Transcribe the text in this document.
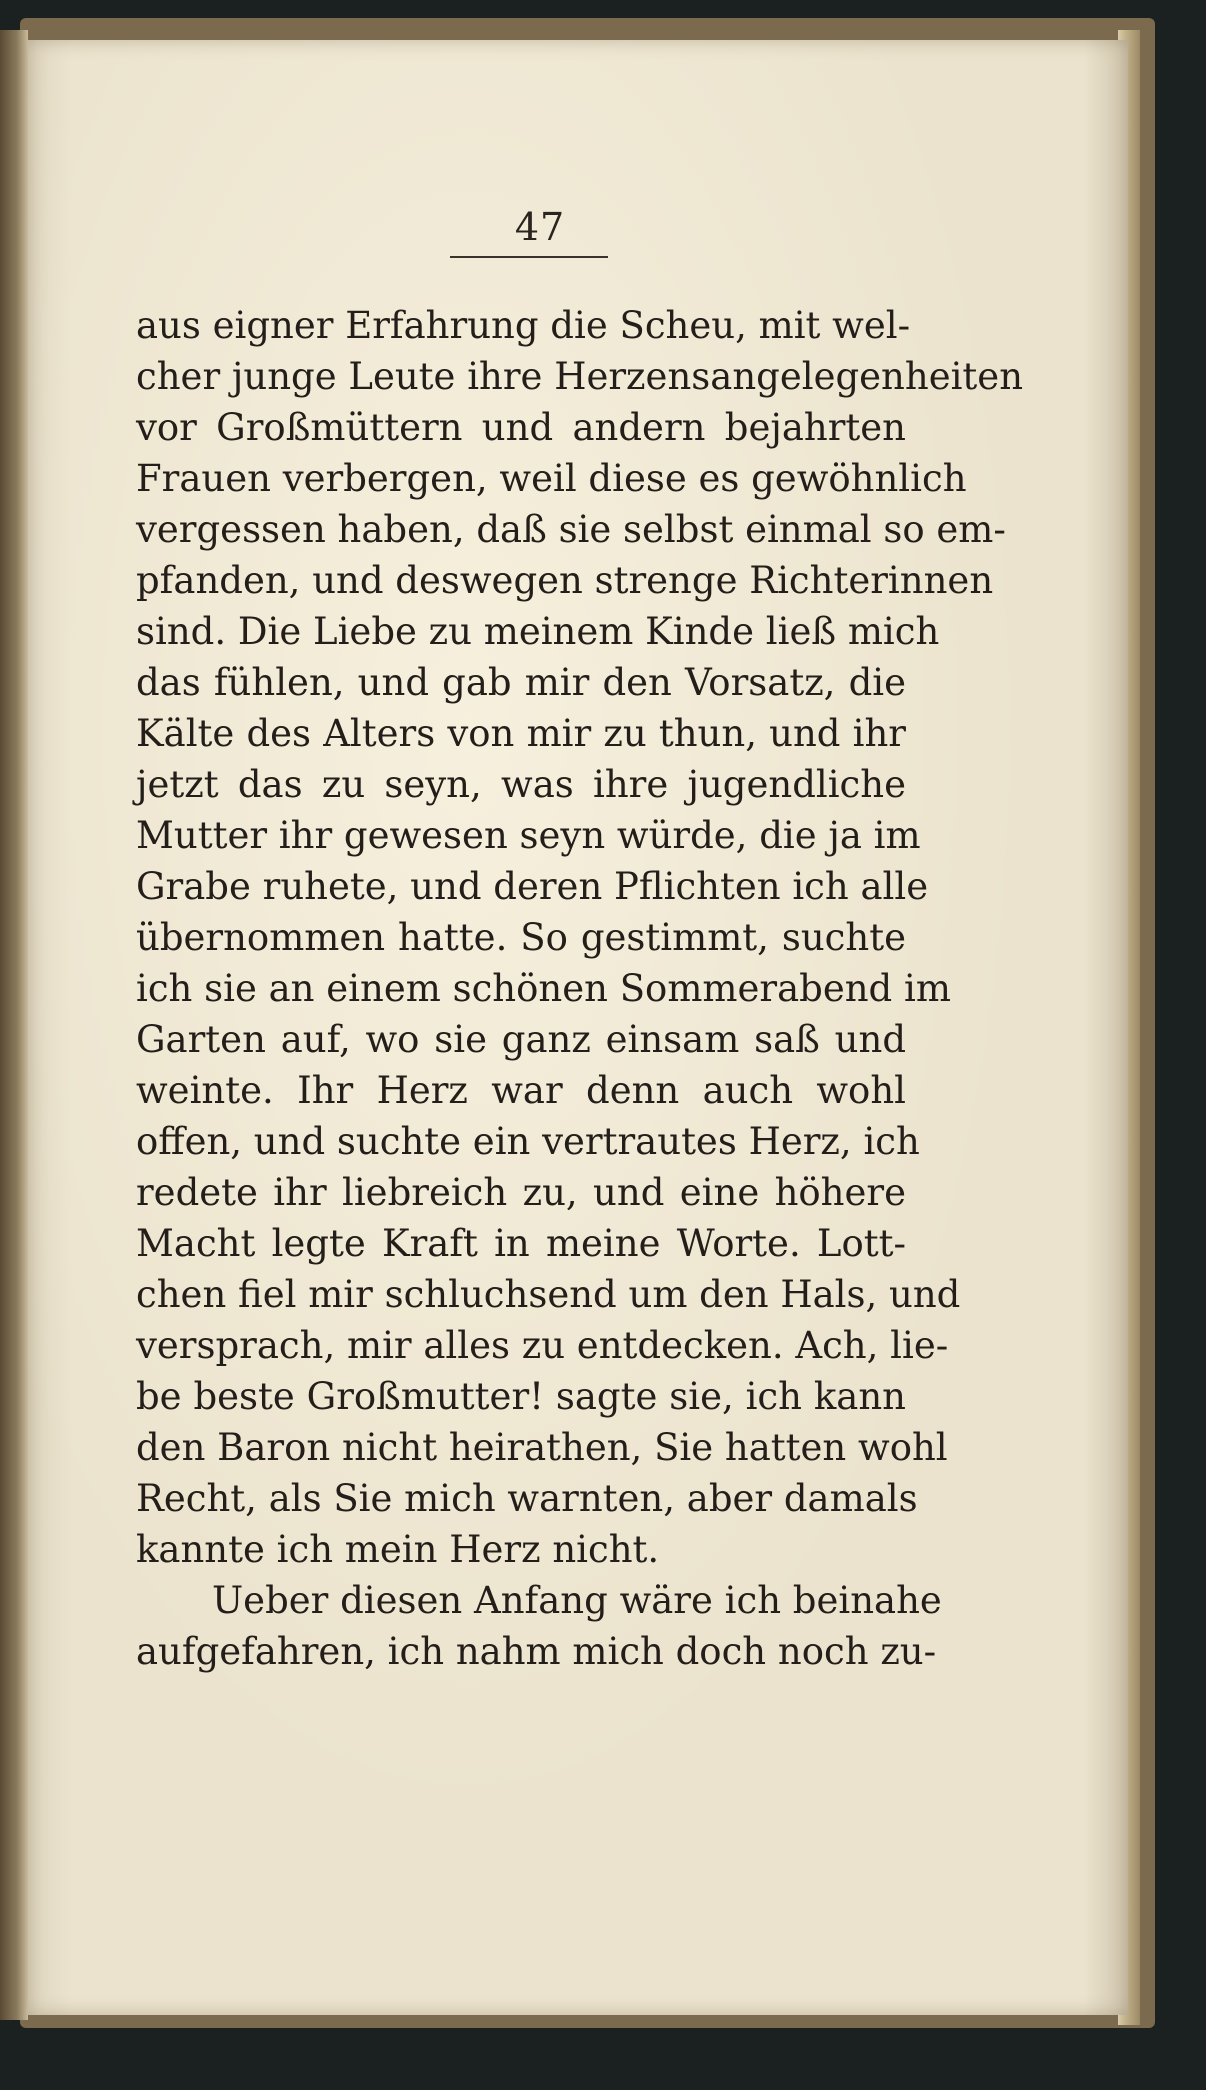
47
aus eigner Erfahrung die Scheu, mit wel-
cher junge Leute ihre Herzensangelegenheiten
vor Großmüttern und andern bejahrten
Frauen verbergen, weil diese es gewöhnlich
vergessen haben, daß sie selbst einmal so em-
pfanden, und deswegen strenge Richterinnen
sind. Die Liebe zu meinem Kinde ließ mich
das fühlen, und gab mir den Vorsatz, die
Kälte des Alters von mir zu thun, und ihr
jetzt das zu seyn, was ihre jugendliche
Mutter ihr gewesen seyn würde, die ja im
Grabe ruhete, und deren Pflichten ich alle
übernommen hatte. So gestimmt, suchte
ich sie an einem schönen Sommerabend im
Garten auf, wo sie ganz einsam saß und
weinte. Ihr Herz war denn auch wohl
offen, und suchte ein vertrautes Herz, ich
redete ihr liebreich zu, und eine höhere
Macht legte Kraft in meine Worte. Lott-
chen fiel mir schluchsend um den Hals, und
versprach, mir alles zu entdecken. Ach, lie-
be beste Großmutter! sagte sie, ich kann
den Baron nicht heirathen, Sie hatten wohl
Recht, als Sie mich warnten, aber damals
kannte ich mein Herz nicht.
Ueber diesen Anfang wäre ich beinahe
aufgefahren, ich nahm mich doch noch zu-
